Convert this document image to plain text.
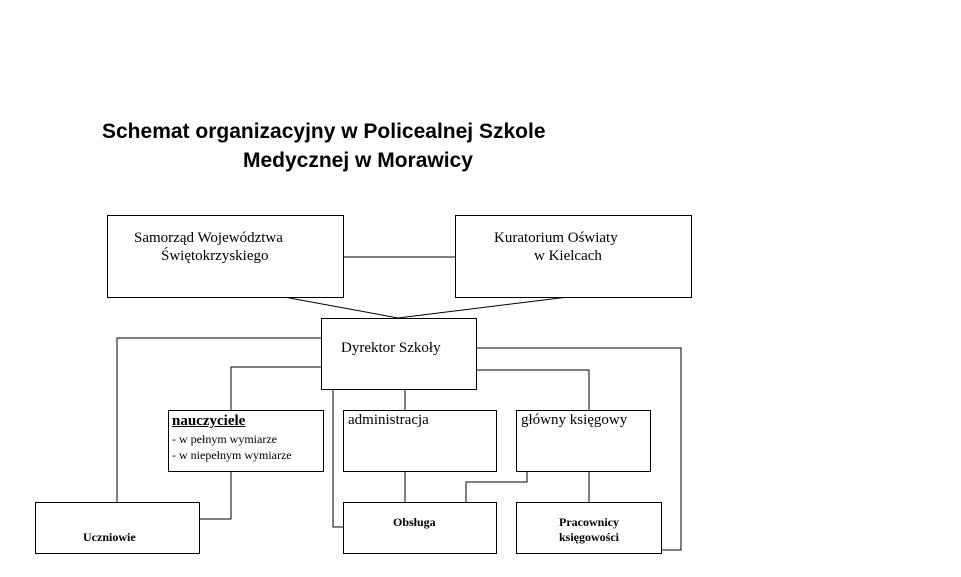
Schemat organizacyjny w Policealnej Szkole
Medycznej w Morawicy
Samorząd Województwa
Świętokrzyskiego
Kuratorium Oświaty
w Kielcach
Dyrektor Szkoły
nauczyciele
- w pełnym wymiarze
- w niepełnym wymiarze
administracja	główny księgowy
Uczniowie
Obsługa	Pracownicy
księgowości
